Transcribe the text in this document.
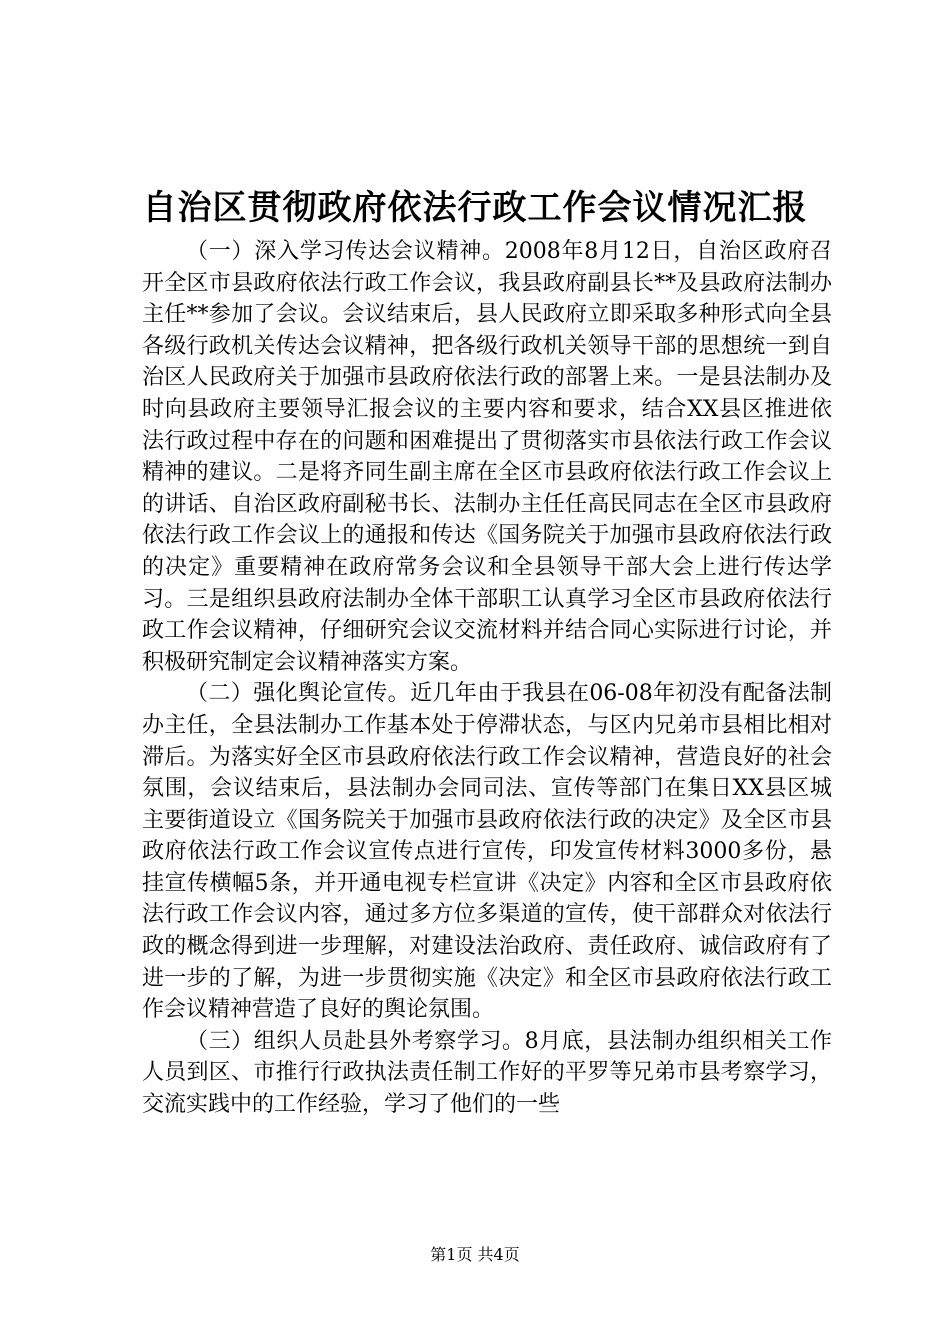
自治区贯彻政府依法行政工作会议情况汇报

（一）深入学习传达会议精神。2008年8月12日，自治区政府召开全区市县政府依法行政工作会议，我县政府副县长**及县政府法制办主任**参加了会议。会议结束后，县人民政府立即采取多种形式向全县各级行政机关传达会议精神，把各级行政机关领导干部的思想统一到自治区人民政府关于加强市县政府依法行政的部署上来。一是县法制办及时向县政府主要领导汇报会议的主要内容和要求，结合XX县区推进依法行政过程中存在的问题和困难提出了贯彻落实市县依法行政工作会议精神的建议。二是将齐同生副主席在全区市县政府依法行政工作会议上的讲话、自治区政府副秘书长、法制办主任任高民同志在全区市县政府依法行政工作会议上的通报和传达《国务院关于加强市县政府依法行政的决定》重要精神在政府常务会议和全县领导干部大会上进行传达学习。三是组织县政府法制办全体干部职工认真学习全区市县政府依法行政工作会议精神，仔细研究会议交流材料并结合同心实际进行讨论，并积极研究制定会议精神落实方案。

（二）强化舆论宣传。近几年由于我县在06-08年初没有配备法制办主任，全县法制办工作基本处于停滞状态，与区内兄弟市县相比相对滞后。为落实好全区市县政府依法行政工作会议精神，营造良好的社会氛围，会议结束后，县法制办会同司法、宣传等部门在集日XX县区城主要街道设立《国务院关于加强市县政府依法行政的决定》及全区市县政府依法行政工作会议宣传点进行宣传，印发宣传材料3000多份，悬挂宣传横幅5条，并开通电视专栏宣讲《决定》内容和全区市县政府依法行政工作会议内容，通过多方位多渠道的宣传，使干部群众对依法行政的概念得到进一步理解，对建设法治政府、责任政府、诚信政府有了进一步的了解，为进一步贯彻实施《决定》和全区市县政府依法行政工作会议精神营造了良好的舆论氛围。

（三）组织人员赴县外考察学习。8月底，县法制办组织相关工作人员到区、市推行行政执法责任制工作好的平罗等兄弟市县考察学习，交流实践中的工作经验，学习了他们的一些

第1页 共4页
